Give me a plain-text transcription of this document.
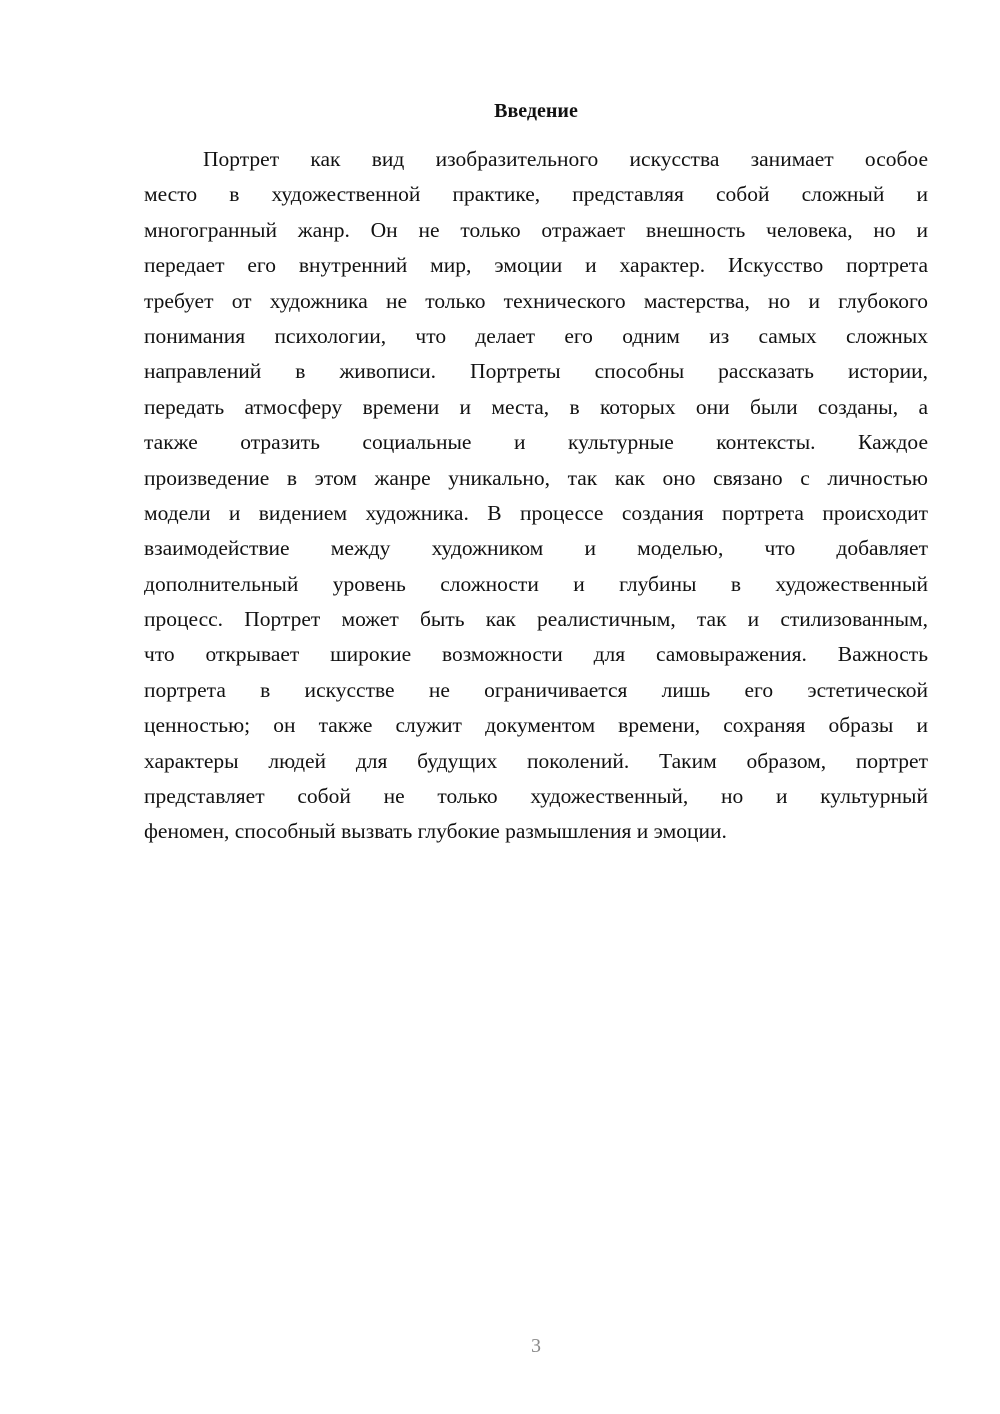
Введение
Портрет как вид изобразительного искусства занимает особое
место в художественной практике, представляя собой сложный и
многогранный жанр. Он не только отражает внешность человека, но и
передает его внутренний мир, эмоции и характер. Искусство портрета
требует от художника не только технического мастерства, но и глубокого
понимания психологии, что делает его одним из самых сложных
направлений в живописи. Портреты способны рассказать истории,
передать атмосферу времени и места, в которых они были созданы, а
также отразить социальные и культурные контексты. Каждое
произведение в этом жанре уникально, так как оно связано с личностью
модели и видением художника. В процессе создания портрета происходит
взаимодействие между художником и моделью, что добавляет
дополнительный уровень сложности и глубины в художественный
процесс. Портрет может быть как реалистичным, так и стилизованным,
что открывает широкие возможности для самовыражения. Важность
портрета в искусстве не ограничивается лишь его эстетической
ценностью; он также служит документом времени, сохраняя образы и
характеры людей для будущих поколений. Таким образом, портрет
представляет собой не только художественный, но и культурный
феномен, способный вызвать глубокие размышления и эмоции.
3
